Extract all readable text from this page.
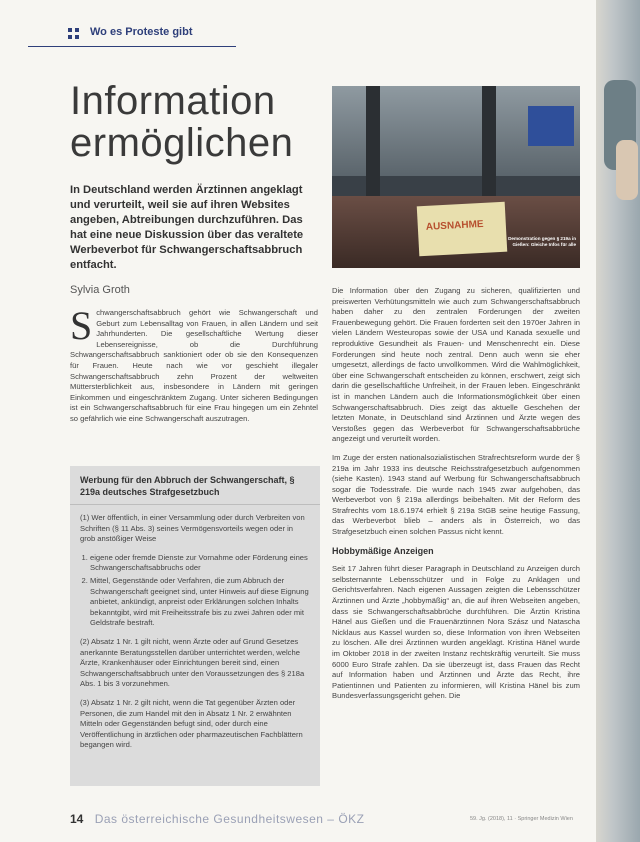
Wo es Proteste gibt
Information
ermöglichen
In Deutschland werden Ärztinnen angeklagt und verurteilt, weil sie auf ihren Websites angeben, Abtreibungen durchzuführen. Das hat eine neue Diskussion über das veraltete Werbeverbot für Schwangerschaftsabbruch entfacht.
Sylvia Groth
S chwangerschaftsabbruch gehört wie Schwangerschaft und Geburt zum Lebensalltag von Frauen, in allen Ländern und seit Jahrhunderten. Die gesellschaftliche Wertung dieser Lebensereignisse, ob die Durchführung Schwangerschaftsabbruch sanktioniert oder ob sie den Konsequenzen für Frauen. Heute nach wie vor geschieht illegaler Schwangerschaftsabbruch zehn Prozent der weltweiten Müttersterblichkeit aus, insbesondere in Ländern mit geringen Einkommen und eingeschränktem Zugang. Unter sicheren Bedingungen ist ein Schwangerschaftsabbruch für eine Frau hingegen um ein Zehntel so gefährlich wie eine Schwangerschaft auszutragen.
AUSNAHME
Demonstration gegen § 219a in Gießen: Gleiche Infos für alle

Die Information über den Zugang zu sicheren, qualifizierten und preiswerten Verhütungsmitteln wie auch zum Schwangerschaftsabbruch haben daher zu den zentralen Forderungen der zweiten Frauenbewegung gehört. Die Frauen forderten seit den 1970er Jahren in vielen Ländern Westeuropas sowie der USA und Kanada sexuelle und reproduktive Gesundheit als Frauen- und Menschenrecht ein. Diese Forderungen sind heute noch zentral. Denn auch wenn sie eher umgesetzt, allerdings de facto unvollkommen. Wird die Wahlmöglichkeit, über eine Schwangerschaft entscheiden zu können, erschwert, zeigt sich darin die gesellschaftliche Unfreiheit, in der Frauen leben. Eingeschränkt ist in manchen Ländern auch die Informationsmöglichkeit über einen Schwangerschaftsabbruch. Dies zeigt das aktuelle Geschehen der letzten Monate, in Deutschland sind Ärztinnen und Ärzte wegen des Verstoßes gegen das Werbeverbot für Schwangerschaftsabbrüche angezeigt und verurteilt worden.

Im Zuge der ersten nationalsozialistischen Strafrechtsreform wurde der § 219a im Jahr 1933 ins deutsche Reichsstrafgesetzbuch aufgenommen (siehe Kasten). 1943 stand auf Werbung für Schwangerschaftsabbruch sogar die Todesstrafe. Die wurde nach 1945 zwar aufgehoben, das Werbeverbot von § 219a allerdings beibehalten. Mit der Reform des Strafrechts vom 18.6.1974 erhielt § 219a StGB seine heutige Fassung, das Werbeverbot blieb – anders als in Österreich, wo das Strafgesetzbuch einen solchen Passus nicht kennt.

Hobbymäßige Anzeigen

Seit 17 Jahren führt dieser Paragraph in Deutschland zu Anzeigen durch selbsternannte Lebensschützer und in Folge zu Anklagen und Gerichtsverfahren. Nach eigenen Aussagen zeigten die Lebensschützer Ärztinnen und Ärzte „hobbymäßig“ an, die auf ihren Webseiten angeben, dass sie Schwangerschaftsabbrüche durchführen. Die Ärztin Kristina Hänel aus Gießen und die Frauenärztinnen Nora Szász und Natascha Nicklaus aus Kassel wurden so, diese Information von ihren Webseiten zu löschen. Alle drei Ärztinnen wurden angeklagt. Kristina Hänel wurde im Oktober 2018 in der zweiten Instanz rechtskräftig verurteilt. Sie muss 6000 Euro Strafe zahlen. Da sie überzeugt ist, dass Frauen das Recht auf Information haben und Ärztinnen und Ärzte das Recht, ihre Patientinnen und Patienten zu informieren, will Kristina Hänel bis zum Bundesverfassungsgericht gehen. Die

Werbung für den Abbruch der Schwangerschaft, § 219a deutsches Strafgesetzbuch

(1) Wer öffentlich, in einer Versammlung oder durch Verbreiten von Schriften (§ 11 Abs. 3) seines Vermögensvorteils wegen oder in grob anstößiger Weise

1. eigene oder fremde Dienste zur Vornahme oder Förderung eines Schwangerschaftsabbruchs oder
2. Mittel, Gegenstände oder Verfahren, die zum Abbruch der Schwangerschaft geeignet sind, unter Hinweis auf diese Eignung anbietet, ankündigt, anpreist oder Erklärungen solchen Inhalts bekanntgibt, wird mit Freiheitsstrafe bis zu zwei Jahren oder mit Geldstrafe bestraft.

(2) Absatz 1 Nr. 1 gilt nicht, wenn Ärzte oder auf Grund Gesetzes anerkannte Beratungsstellen darüber unterrichtet werden, welche Ärzte, Krankenhäuser oder Einrichtungen bereit sind, einen Schwangerschaftsabbruch unter den Voraussetzungen des § 218a Abs. 1 bis 3 vorzunehmen.

(3) Absatz 1 Nr. 2 gilt nicht, wenn die Tat gegenüber Ärzten oder Personen, die zum Handel mit den in Absatz 1 Nr. 2 erwähnten Mitteln oder Gegenständen befugt sind, oder durch eine Veröffentlichung in ärztlichen oder pharmazeutischen Fachblättern begangen wird.

14 Das österreichische Gesundheitswesen – ÖKZ	59. Jg. (2018), 11 · Springer Medizin Wien
